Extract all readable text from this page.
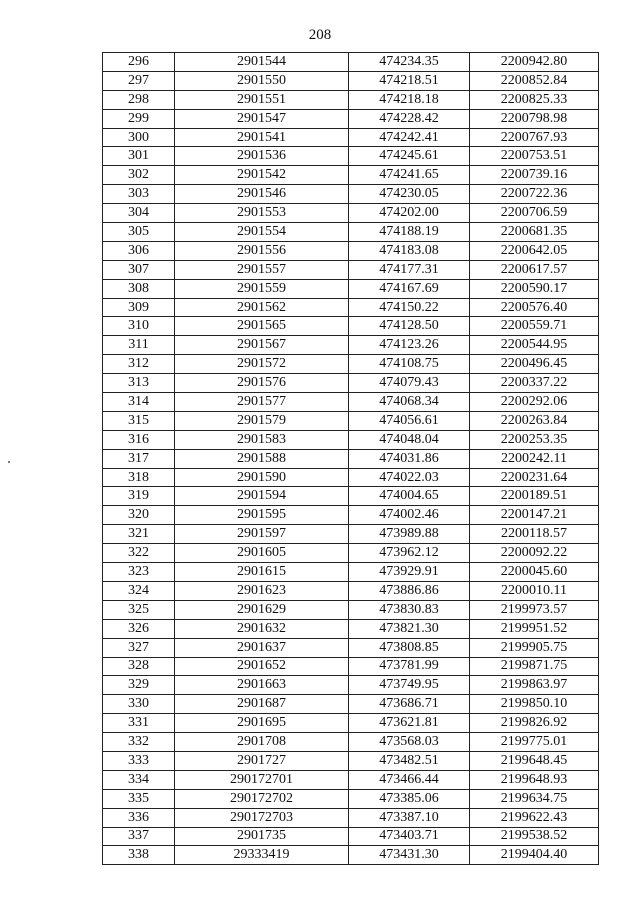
208
296	2901544	474234.35	2200942.80
297	2901550	474218.51	2200852.84
298	2901551	474218.18	2200825.33
299	2901547	474228.42	2200798.98
300	2901541	474242.41	2200767.93
301	2901536	474245.61	2200753.51
302	2901542	474241.65	2200739.16
303	2901546	474230.05	2200722.36
304	2901553	474202.00	2200706.59
305	2901554	474188.19	2200681.35
306	2901556	474183.08	2200642.05
307	2901557	474177.31	2200617.57
308	2901559	474167.69	2200590.17
309	2901562	474150.22	2200576.40
310	2901565	474128.50	2200559.71
311	2901567	474123.26	2200544.95
312	2901572	474108.75	2200496.45
313	2901576	474079.43	2200337.22
314	2901577	474068.34	2200292.06
315	2901579	474056.61	2200263.84
316	2901583	474048.04	2200253.35
317	2901588	474031.86	2200242.11
318	2901590	474022.03	2200231.64
319	2901594	474004.65	2200189.51
320	2901595	474002.46	2200147.21
321	2901597	473989.88	2200118.57
322	2901605	473962.12	2200092.22
323	2901615	473929.91	2200045.60
324	2901623	473886.86	2200010.11
325	2901629	473830.83	2199973.57
326	2901632	473821.30	2199951.52
327	2901637	473808.85	2199905.75
328	2901652	473781.99	2199871.75
329	2901663	473749.95	2199863.97
330	2901687	473686.71	2199850.10
331	2901695	473621.81	2199826.92
332	2901708	473568.03	2199775.01
333	2901727	473482.51	2199648.45
334	290172701	473466.44	2199648.93
335	290172702	473385.06	2199634.75
336	290172703	473387.10	2199622.43
337	2901735	473403.71	2199538.52
338	29333419	473431.30	2199404.40
